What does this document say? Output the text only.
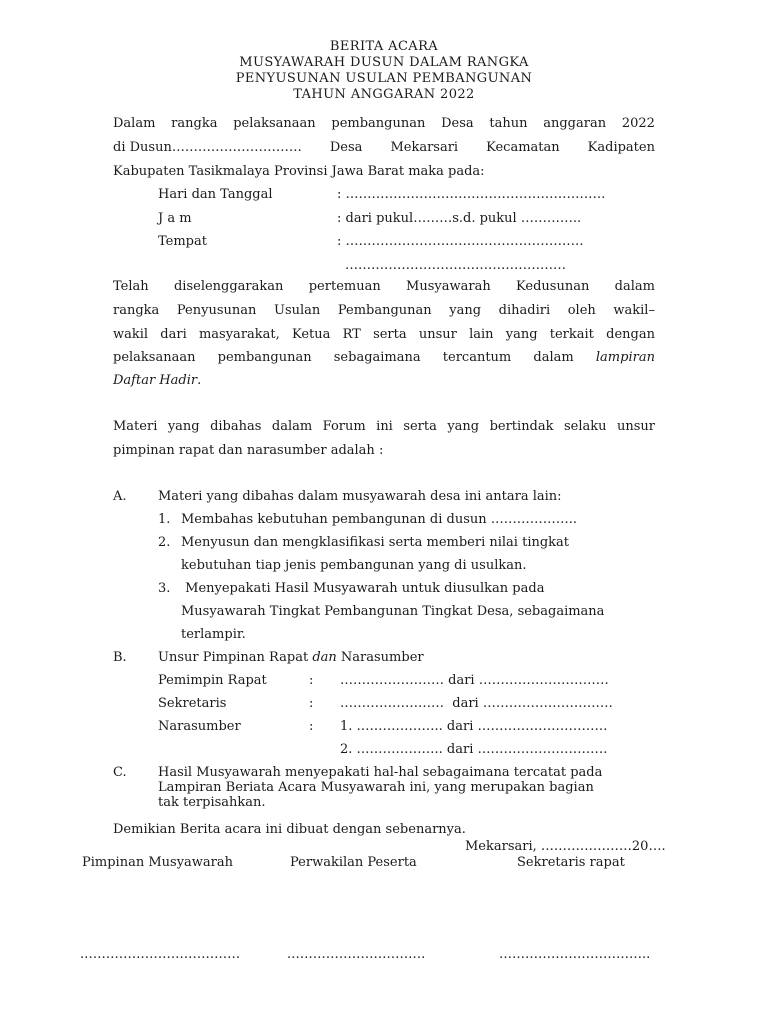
BERITA ACARA
MUSYAWARAH DUSUN DALAM RANGKA
PENYUSUNAN USULAN PEMBANGUNAN
TAHUN ANGGARAN 2022
Dalam rangka pelaksanaan pembangunan Desa tahun anggaran 2022
di Dusun………………………… Desa Mekarsari Kecamatan Kadipaten
Kabupaten Tasikmalaya Provinsi Jawa Barat maka pada:
Hari dan Tanggal	: ……………………………………………………
J a m	: dari pukul………s.d. pukul …………..
Tempat	: ………………………….……………………
……………………………………………
Telah diselenggarakan pertemuan Musyawarah Kedusunan dalam
rangka Penyusunan Usulan Pembangunan yang dihadiri oleh wakil–
wakil dari masyarakat, Ketua RT serta unsur lain yang terkait dengan
pelaksanaan pembangunan sebagaimana tercantum dalam lampiran
Daftar Hadir.
Materi yang dibahas dalam Forum ini serta yang bertindak selaku unsur
pimpinan rapat dan narasumber adalah :
A. Materi yang dibahas dalam musyawarah desa ini antara lain:
1. Membahas kebutuhan pembangunan di dusun ………………..
2. Menyusun dan mengklasifikasi serta memberi nilai tingkat
kebutuhan tiap jenis pembangunan yang di usulkan.
3. Menyepakati Hasil Musyawarah untuk diusulkan pada
Musyawarah Tingkat Pembangunan Tingkat Desa, sebagaimana
terlampir.
B. Unsur Pimpinan Rapat dan Narasumber
Pemimpin Rapat	: …………………… dari …………………………
Sekretaris	: ……………………  dari …………………………
Narasumber	: 1. ……………….. dari …………………………
2. ……………….. dari …………………………
C. Hasil Musyawarah menyepakati hal-hal sebagaimana tercatat pada
Lampiran Beriata Acara Musyawarah ini, yang merupakan bagian
tak terpisahkan.
Demikian Berita acara ini dibuat dengan sebenarnya.
Mekarsari, …………………20….
Pimpinan Musyawarah	Perwakilan Peserta	Sekretaris rapat
.………………………………	.………………………….	……………………………..
